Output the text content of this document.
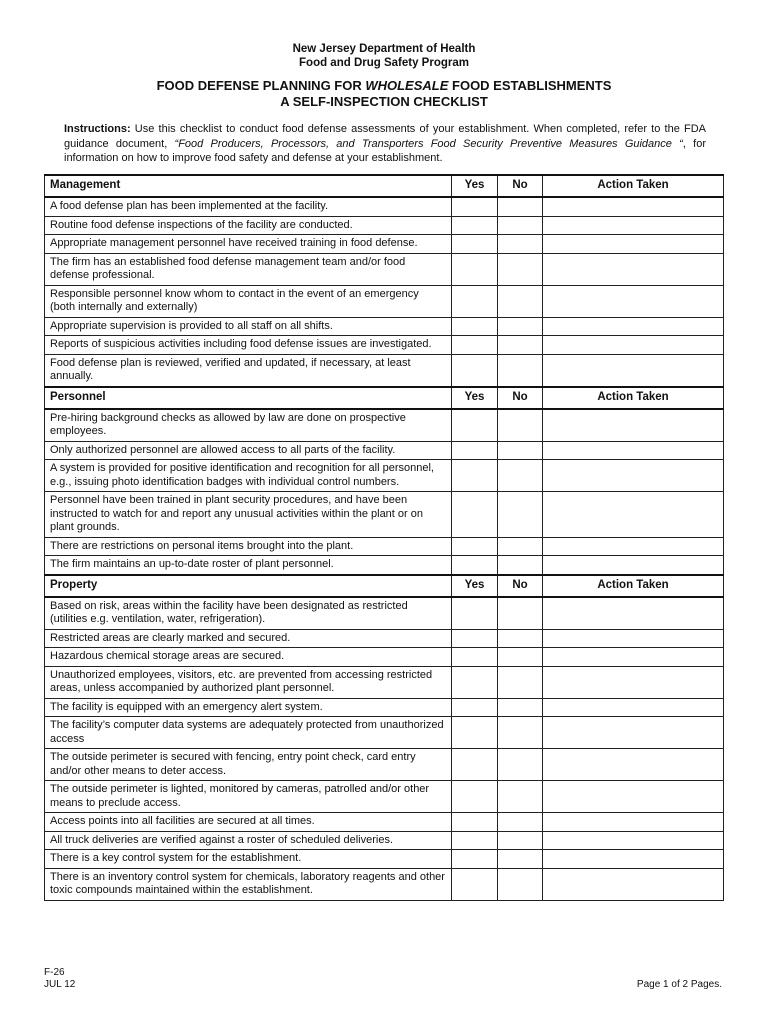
New Jersey Department of Health
Food and Drug Safety Program
FOOD DEFENSE PLANNING FOR WHOLESALE FOOD ESTABLISHMENTS
A SELF-INSPECTION CHECKLIST
Instructions: Use this checklist to conduct food defense assessments of your establishment. When completed, refer to the FDA guidance document, “Food Producers, Processors, and Transporters Food Security Preventive Measures Guidance “, for information on how to improve food safety and defense at your establishment.
Management	Yes	No	Action Taken
A food defense plan has been implemented at the facility.			
Routine food defense inspections of the facility are conducted.			
Appropriate management personnel have received training in food defense.			
The firm has an established food defense management team and/or food defense professional.			
Responsible personnel know whom to contact in the event of an emergency (both internally and externally)			
Appropriate supervision is provided to all staff on all shifts.			
Reports of suspicious activities including food defense issues are investigated.			
Food defense plan is reviewed, verified and updated, if necessary, at least annually.			
Personnel	Yes	No	Action Taken
Pre-hiring background checks as allowed by law are done on prospective employees.			
Only authorized personnel are allowed access to all parts of the facility.			
A system is provided for positive identification and recognition for all personnel, e.g., issuing photo identification badges with individual control numbers.			
Personnel have been trained in plant security procedures, and have been instructed to watch for and report any unusual activities within the plant or on plant grounds.			
There are restrictions on personal items brought into the plant.			
The firm maintains an up-to-date roster of plant personnel.			
Property	Yes	No	Action Taken
Based on risk, areas within the facility have been designated as restricted (utilities e.g. ventilation, water, refrigeration).			
Restricted areas are clearly marked and secured.			
Hazardous chemical storage areas are secured.			
Unauthorized employees, visitors, etc. are prevented from accessing restricted areas, unless accompanied by authorized plant personnel.			
The facility is equipped with an emergency alert system.			
The facility’s computer data systems are adequately protected from unauthorized access			
The outside perimeter is secured with fencing, entry point check, card entry and/or other means to deter access.			
The outside perimeter is lighted, monitored by cameras, patrolled and/or other means to preclude access.			
Access points into all facilities are secured at all times.			
All truck deliveries are verified against a roster of scheduled deliveries.			
There is a key control system for the establishment.			
There is an inventory control system for chemicals, laboratory reagents and other toxic compounds maintained within the establishment.			
F-26
JUL 12	Page 1 of 2 Pages.
